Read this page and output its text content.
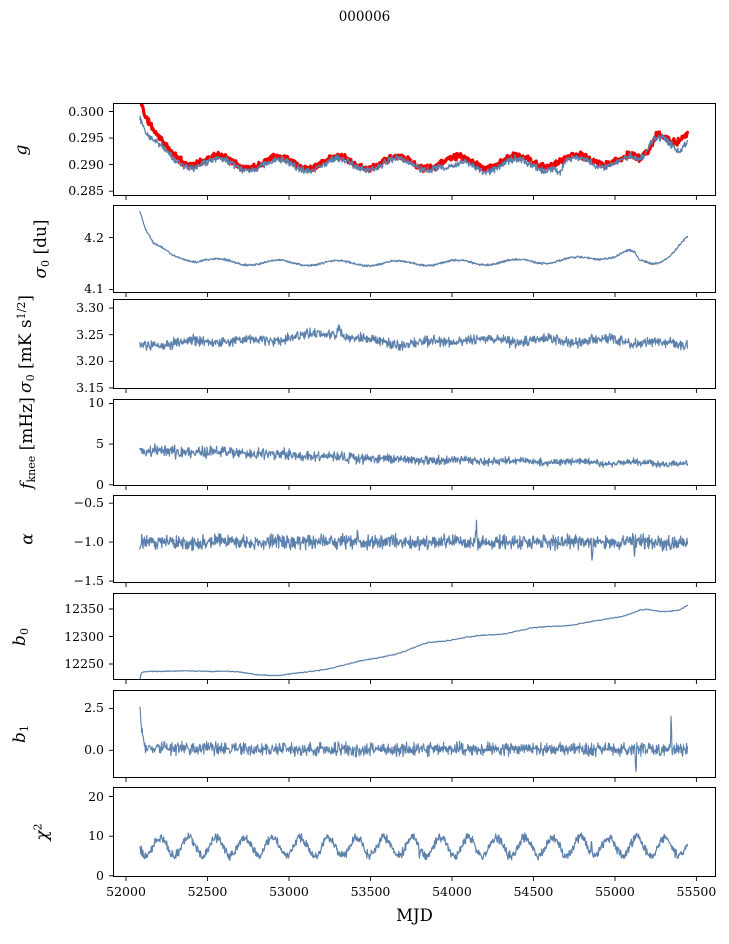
000006
g
0.285
0.290
0.295
0.300
σ0 [du]
4.1
4.2
σ0 [mK $s^{1/2}$]
3.15
3.20
3.25
3.30
fknee [mHz]
0
5
10
α
−0.5
−1.0
−1.5
b0
12250
12300
12350
b1
0.0
2.5
$\chi^2$
0
10
20
52000	52500	53000	53500	54000	54500	55000	55500
MJD
